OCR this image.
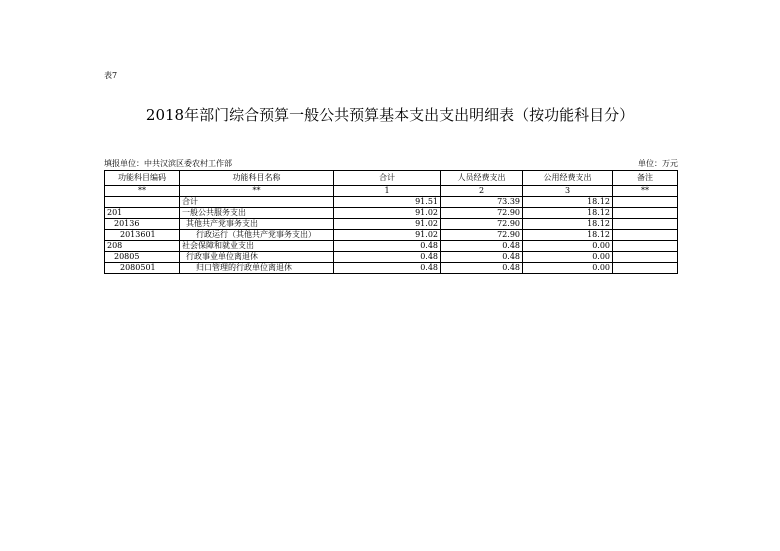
表7
2018年部门综合预算一般公共预算基本支出支出明细表（按功能科目分）
填报单位：中共汉滨区委农村工作部	单位：万元
功能科目编码	功能科目名称	合计	人员经费支出	公用经费支出	备注
**	**	1	2	3	**
	合计	91.51	73.39	18.12	
201	一般公共服务支出	91.02	72.90	18.12	
20136	其他共产党事务支出	91.02	72.90	18.12	
2013601	行政运行（其他共产党事务支出）	91.02	72.90	18.12	
208	社会保障和就业支出	0.48	0.48	0.00	
20805	行政事业单位离退休	0.48	0.48	0.00	
2080501	归口管理的行政单位离退休	0.48	0.48	0.00	
